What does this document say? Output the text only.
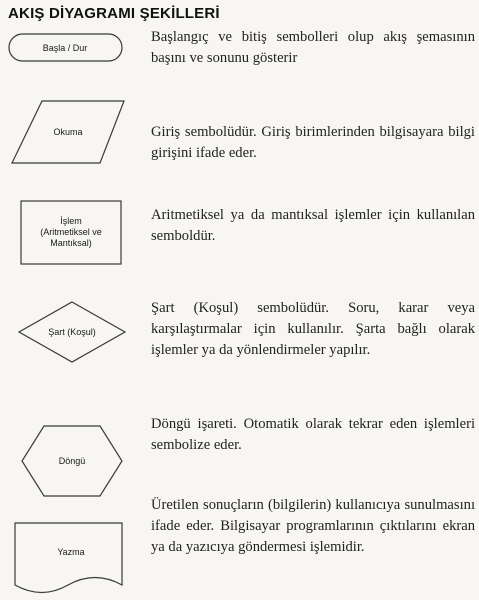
AKIŞ DİYAGRAMI ŞEKİLLERİ
Başla / Dur
Okuma
İşlem
(Aritmetiksel ve
Mantıksal)
Şart (Koşul)
Döngü
Yazma
Başlangıç ve bitiş sembolleri olup akış şemasının başını ve sonunu gösterir
Giriş sembolüdür. Giriş birimlerinden bilgisayara bilgi girişini ifade eder.
Aritmetiksel ya da mantıksal işlemler için kullanılan semboldür.
Şart (Koşul) sembolüdür. Soru, karar veya karşılaştırmalar için kullanılır. Şarta bağlı olarak işlemler ya da yönlendirmeler yapılır.
Döngü işareti. Otomatik olarak tekrar eden işlemleri sembolize eder.
Üretilen sonuçların (bilgilerin) kullanıcıya sunulmasını ifade eder. Bilgisayar programlarının çıktılarını ekran ya da yazıcıya göndermesi işlemidir.
